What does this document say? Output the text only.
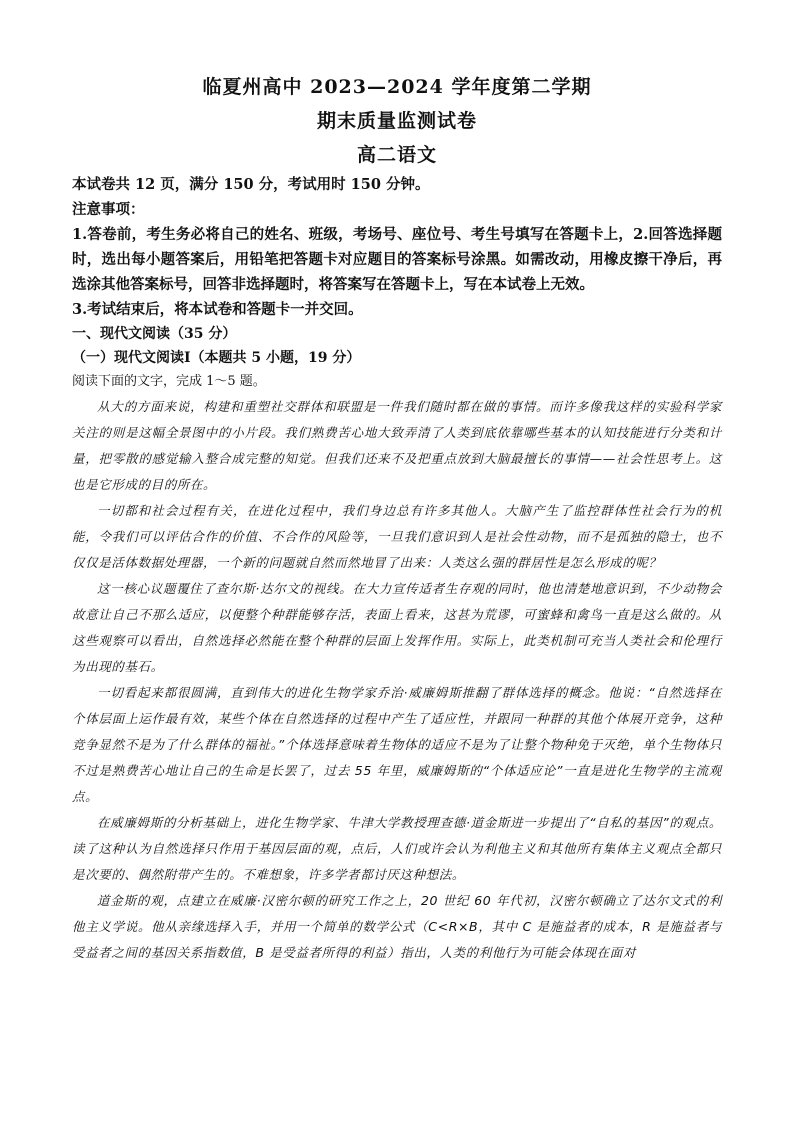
临夏州高中 2023—2024 学年度第二学期
期末质量监测试卷
高二语文
本试卷共 12 页，满分 150 分，考试用时 150 分钟。
注意事项：
1.答卷前，考生务必将自己的姓名、班级，考场号、座位号、考生号填写在答题卡上，2.回答选择题时，选出每小题答案后，用铅笔把答题卡对应题目的答案标号涂黑。如需改动，用橡皮擦干净后，再选涂其他答案标号，回答非选择题时，将答案写在答题卡上，写在本试卷上无效。
3.考试结束后，将本试卷和答题卡一并交回。
一、现代文阅读（35 分）
（一）现代文阅读Ⅰ（本题共 5 小题，19 分）
阅读下面的文字，完成 1～5 题。

从大的方面来说，构建和重塑社交群体和联盟是一件我们随时都在做的事情。而许多像我这样的实验科学家关注的则是这幅全景图中的小片段。我们熟费苦心地大致弄清了人类到底依靠哪些基本的认知技能进行分类和计量，把零散的感觉输入整合成完整的知觉。但我们还来不及把重点放到大脑最擅长的事情——社会性思考上。这也是它形成的目的所在。

一切都和社会过程有关，在进化过程中，我们身边总有许多其他人。大脑产生了监控群体性社会行为的机能，令我们可以评估合作的价值、不合作的风险等，一旦我们意识到人是社会性动物，而不是孤独的隐士，也不仅仅是活体数据处理器，一个新的问题就自然而然地冒了出来：人类这么强的群居性是怎么形成的呢？

这一核心议题覆住了查尔斯·达尔文的视线。在大力宣传适者生存观的同时，他也清楚地意识到，不少动物会故意让自己不那么适应，以便整个种群能够存活，表面上看来，这甚为荒谬，可蜜蜂和禽鸟一直是这么做的。从这些观察可以看出，自然选择必然能在整个种群的层面上发挥作用。实际上，此类机制可充当人类社会和伦理行为出现的基石。

一切看起来都很圆满，直到伟大的进化生物学家乔治·威廉姆斯推翻了群体选择的概念。他说：“自然选择在个体层面上运作最有效，某些个体在自然选择的过程中产生了适应性，并跟同一种群的其他个体展开竞争，这种竞争显然不是为了什么群体的福祉。”个体选择意味着生物体的适应不是为了让整个物种免于灭绝，单个生物体只不过是熟费苦心地让自己的生命是长罢了，过去 55 年里，威廉姆斯的“个体适应论”一直是进化生物学的主流观点。

在威廉姆斯的分析基础上，进化生物学家、牛津大学教授理查德·道金斯进一步提出了“自私的基因”的观点。读了这种认为自然选择只作用于基因层面的观，点后，人们或许会认为利他主义和其他所有集体主义观点全都只是次要的、偶然附带产生的。不难想象，许多学者都讨厌这种想法。

道金斯的观，点建立在威廉·汉密尔顿的研究工作之上，20 世纪 60 年代初，汉密尔顿确立了达尔文式的利他主义学说。他从亲缘选择入手，并用一个简单的数学公式（C<R×B，其中 C 是施益者的成本，R 是施益者与受益者之间的基因关系指数值，B 是受益者所得的利益）指出，人类的利他行为可能会体现在面对
